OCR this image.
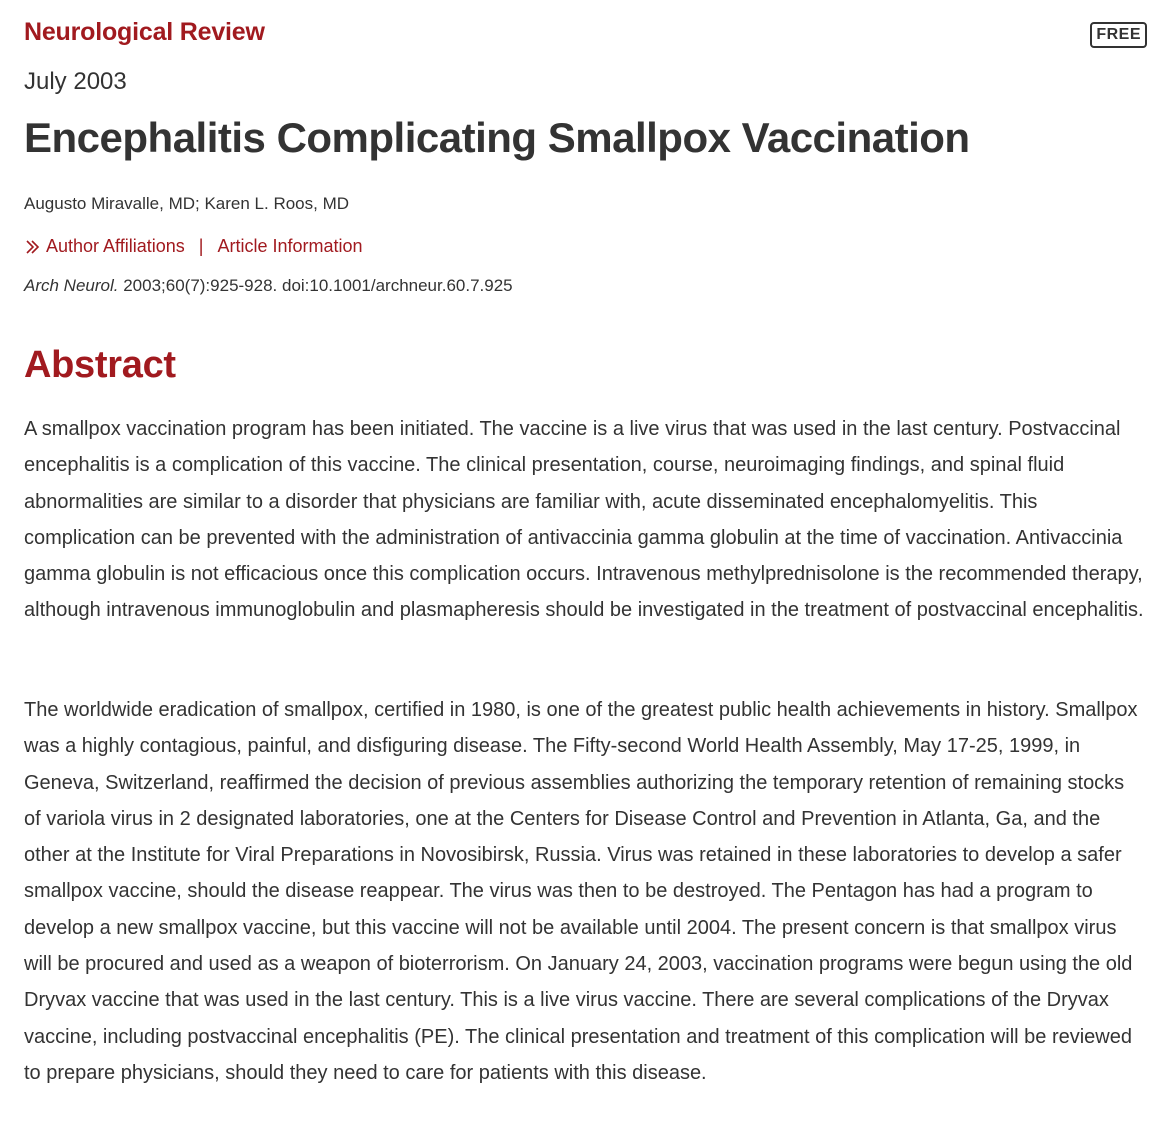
Neurological Review	FREE

July 2003

Encephalitis Complicating Smallpox Vaccination

Augusto Miravalle, MD; Karen L. Roos, MD

Author Affiliations | Article Information

Arch Neurol. 2003;60(7):925-928. doi:10.1001/archneur.60.7.925

Abstract

A smallpox vaccination program has been initiated. The vaccine is a live virus that was used in the last century. Postvaccinal encephalitis is a complication of this vaccine. The clinical presentation, course, neuroimaging findings, and spinal fluid abnormalities are similar to a disorder that physicians are familiar with, acute disseminated encephalomyelitis. This complication can be prevented with the administration of antivaccinia gamma globulin at the time of vaccination. Antivaccinia gamma globulin is not efficacious once this complication occurs. Intravenous methylprednisolone is the recommended therapy, although intravenous immunoglobulin and plasmapheresis should be investigated in the treatment of postvaccinal encephalitis.

The worldwide eradication of smallpox, certified in 1980, is one of the greatest public health achievements in history. Smallpox was a highly contagious, painful, and disfiguring disease. The Fifty-second World Health Assembly, May 17-25, 1999, in Geneva, Switzerland, reaffirmed the decision of previous assemblies authorizing the temporary retention of remaining stocks of variola virus in 2 designated laboratories, one at the Centers for Disease Control and Prevention in Atlanta, Ga, and the other at the Institute for Viral Preparations in Novosibirsk, Russia. Virus was retained in these laboratories to develop a safer smallpox vaccine, should the disease reappear. The virus was then to be destroyed. The Pentagon has had a program to develop a new smallpox vaccine, but this vaccine will not be available until 2004. The present concern is that smallpox virus will be procured and used as a weapon of bioterrorism. On January 24, 2003, vaccination programs were begun using the old Dryvax vaccine that was used in the last century. This is a live virus vaccine. There are several complications of the Dryvax vaccine, including postvaccinal encephalitis (PE). The clinical presentation and treatment of this complication will be reviewed to prepare physicians, should they need to care for patients with this disease.
